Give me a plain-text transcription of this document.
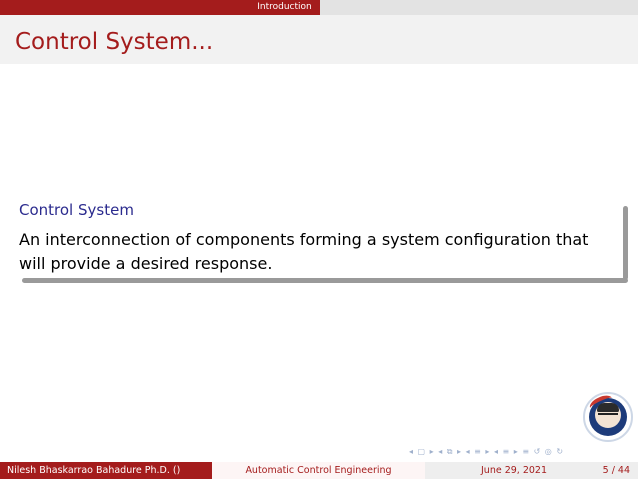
Introduction
Control System...
Control System
An interconnection of components forming a system configuration that will provide a desired response.
◂ ▢ ▸ ◂ ⧉ ▸ ◂ ≡ ▸ ◂ ≡ ▸ ≡ ↺ ◎ ↻
Nilesh Bhaskarrao Bahadure Ph.D. ()	Automatic Control Engineering	June 29, 2021	5 / 44
